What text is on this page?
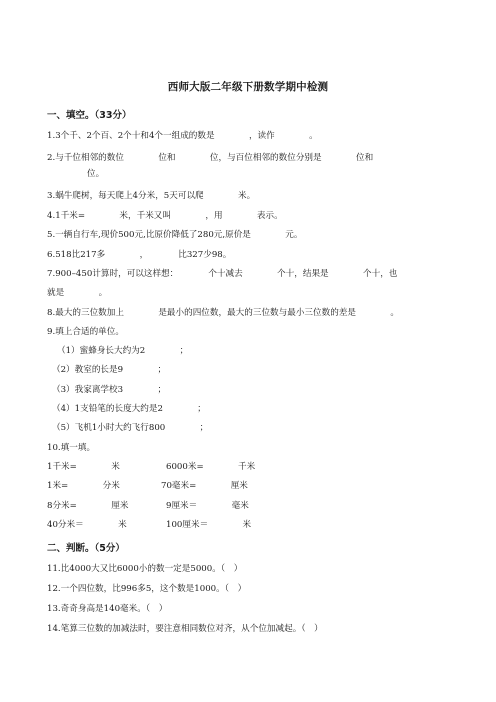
西师大版二年级下册数学期中检测
一、填空。（33分）
1.3个千、2个百、2个十和4个一组成的数是　　　　，读作　　　　。
2.与千位相邻的数位　　　　位和　　　　位，与百位相邻的数位分别是　　　　位和
位。
3.蜗牛爬树，每天爬上4分米，5天可以爬　　　　米。
4.1千米=　　　　米，千米又叫　　　　，用　　　　表示。
5.一辆自行车,现价500元,比原价降低了280元,原价是　　　　元。
6.518比217多　　　　，　　　　比327少98。
7.900–450计算时，可以这样想：　　　　个十减去　　　　个十，结果是　　　　个十，也
就是　　　　。
8.最大的三位数加上　　　　是最小的四位数，最大的三位数与最小三位数的差是　　　　。
9.填上合适的单位。
（1）蜜蜂身长大约为2　　　　；
（2）教室的长是9　　　　；
（3）我家离学校3　　　　；
（4）1支铅笔的长度大约是2　　　　；
（5）飞机1小时大约飞行800　　　　；
10.填一填。
1千米=　　　　米	6000米=　　　　千米
1米=　　　　分米	70毫米=　　　　厘米
8分米=　　　　厘米	9厘米＝　　　　毫米
40分米＝　　　　米	100厘米＝　　　　米
二、判断。（5分）
11.比4000大又比6000小的数一定是5000。（　）
12.一个四位数，比996多5，这个数是1000。（　）
13.奇奇身高是140毫米。（　）
14.笔算三位数的加减法时，要注意相同数位对齐，从个位加减起。（　）
